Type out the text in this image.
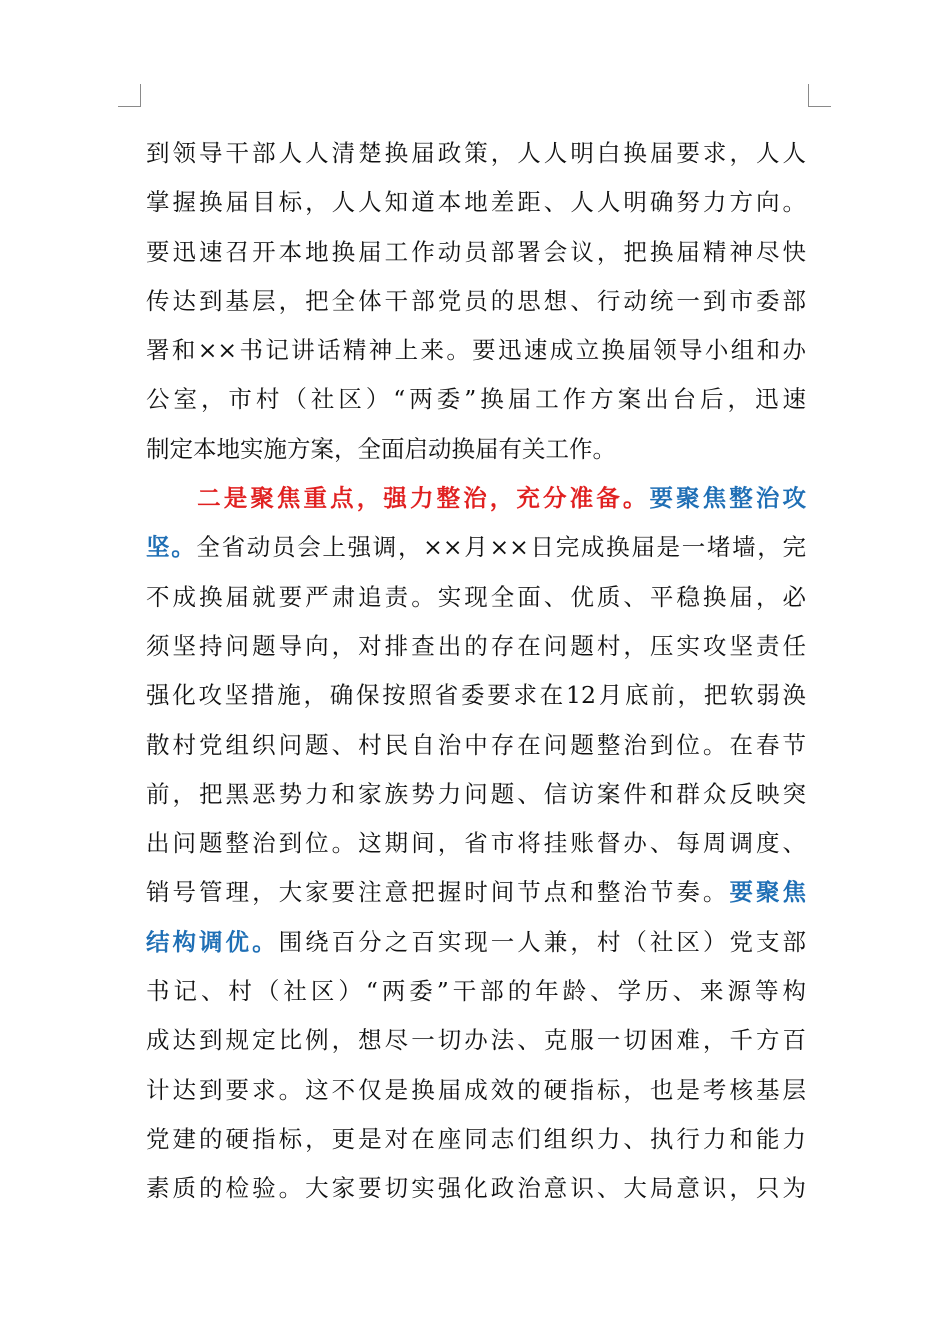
到领导干部人人清楚换届政策，人人明白换届要求，人人
掌握换届目标，人人知道本地差距、人人明确努力方向。
要迅速召开本地换届工作动员部署会议，把换届精神尽快
传达到基层，把全体干部党员的思想、行动统一到市委部
署和××书记讲话精神上来。要迅速成立换届领导小组和办
公室，市村（社区）“两委”换届工作方案出台后，迅速
制定本地实施方案，全面启动换届有关工作。
二是聚焦重点，强力整治，充分准备。要聚焦整治攻
坚。全省动员会上强调，××月××日完成换届是一堵墙，完
不成换届就要严肃追责。实现全面、优质、平稳换届，必
须坚持问题导向，对排查出的存在问题村，压实攻坚责任
强化攻坚措施，确保按照省委要求在12月底前，把软弱涣
散村党组织问题、村民自治中存在问题整治到位。在春节
前，把黑恶势力和家族势力问题、信访案件和群众反映突
出问题整治到位。这期间，省市将挂账督办、每周调度、
销号管理，大家要注意把握时间节点和整治节奏。要聚焦
结构调优。围绕百分之百实现一人兼，村（社区）党支部
书记、村（社区）“两委”干部的年龄、学历、来源等构
成达到规定比例，想尽一切办法、克服一切困难，千方百
计达到要求。这不仅是换届成效的硬指标，也是考核基层
党建的硬指标，更是对在座同志们组织力、执行力和能力
素质的检验。大家要切实强化政治意识、大局意识，只为
